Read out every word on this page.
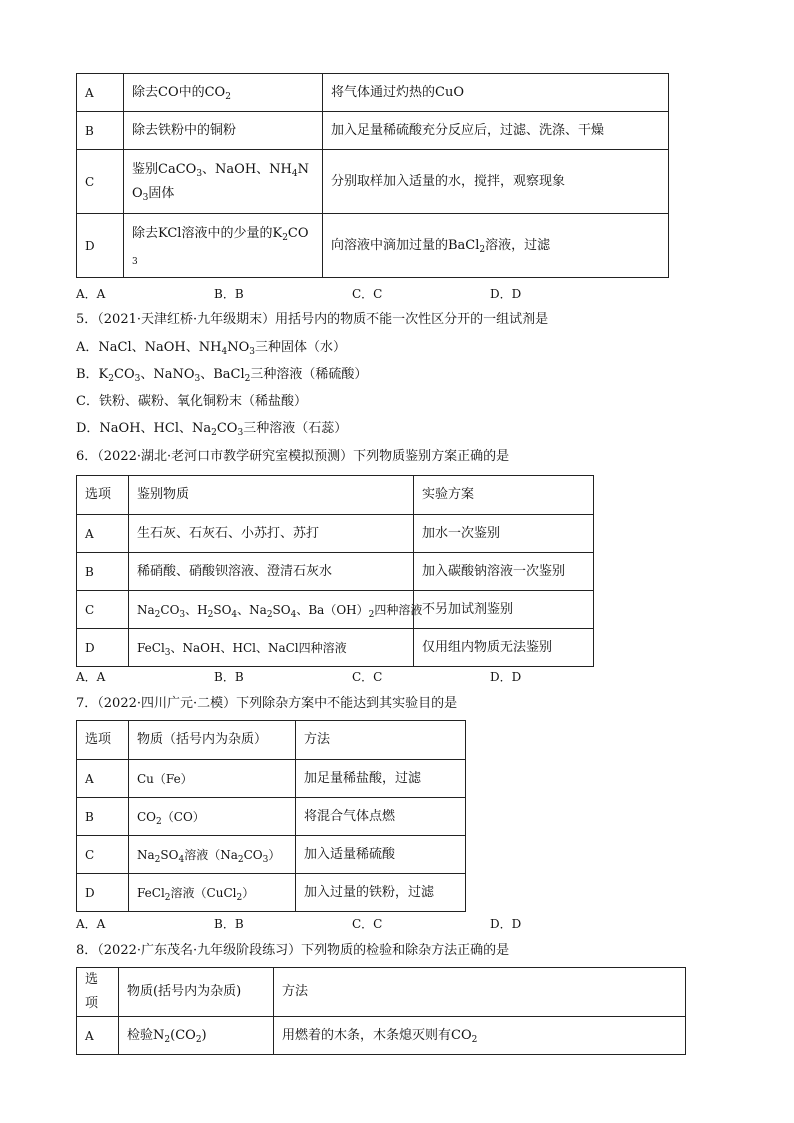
A	除去CO中的$CO_2$	将气体通过灼热的CuO
B	除去铁粉中的铜粉	加入足量稀硫酸充分反应后，过滤、洗涤、干燥
C	鉴别CaCO$_3$、NaOH、$NH_4NO_3$固体	分别取样加入适量的水，搅拌，观察现象
D	除去KCl溶液中的少量的$K_2CO_3$	向溶液中滴加过量的BaCl$_2$溶液，过滤
A．A	B．B	C．C	D．D
5．（2021·天津红桥·九年级期末）用括号内的物质不能一次性区分开的一组试剂是
A．NaCl、NaOH、$NH_4NO_3$三种固体（水）
B．$K_2CO_3$、NaNO$_3$、BaCl$_2$三种溶液（稀硫酸）
C．铁粉、碳粉、氧化铜粉末（稀盐酸）
D．NaOH、HCl、$Na_2CO_3$三种溶液（石蕊）
6．（2022·湖北·老河口市教学研究室模拟预测）下列物质鉴别方案正确的是
选项	鉴别物质	实验方案
A	生石灰、石灰石、小苏打、苏打	加水一次鉴别
B	稀硝酸、硝酸钡溶液、澄清石灰水	加入碳酸钠溶液一次鉴别
C	$Na_2CO_3$、$H_2SO_4$、$Na_2SO_4$、$Ba(OH)_2$四种溶液	不另加试剂鉴别
D	FeCl$_3$、NaOH、HCl、NaCl四种溶液	仅用组内物质无法鉴别
A．A	B．B	C．C	D．D
7．（2022·四川广元·二模）下列除杂方案中不能达到其实验目的是
选项	物质（括号内为杂质）	方法
A	Cu（Fe）	加足量稀盐酸，过滤
B	$CO_2(CO)$	将混合气体点燃
C	$Na_2SO_4$溶液$(Na_2CO_3)$	加入适量稀硫酸
D	FeCl$_2$溶液（CuCl$_2$）	加入过量的铁粉，过滤
A．A	B．B	C．C	D．D
8．（2022·广东茂名·九年级阶段练习）下列物质的检验和除杂方法正确的是
选项	物质(括号内为杂质)	方法
A	检验$N_2(CO_2)$	用燃着的木条，木条熄灭则有$CO_2$
